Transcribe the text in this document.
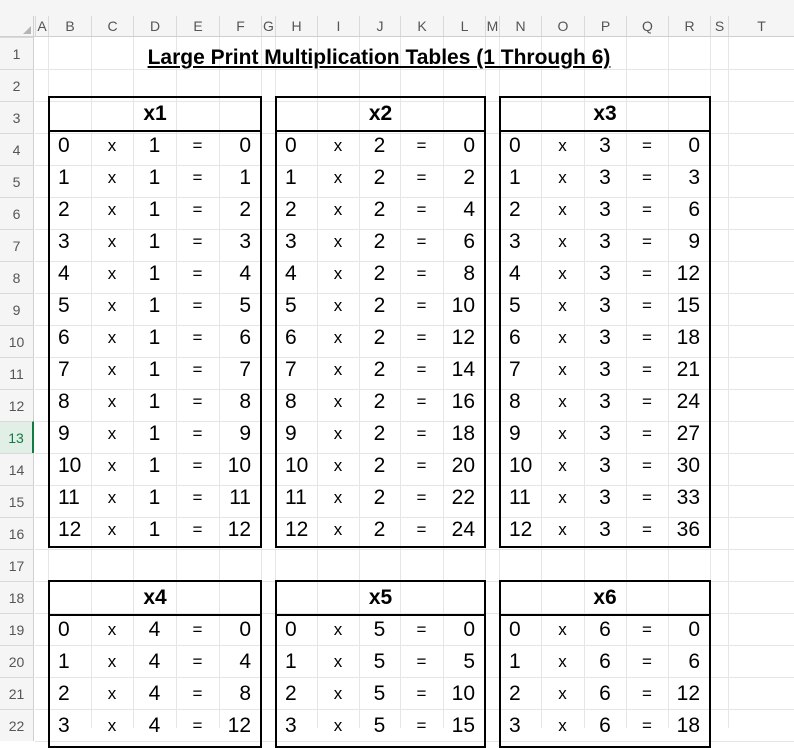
A	B	C	D	E	F	G	H	I	J	K	L	M	N	O	P	Q	R	S	T
1
2
3
4
5
6
7
8
9
10
11
12
13
14
15
16
17
18
19
20
21
22
Large Print Multiplication Tables (1 Through 6)
x1
0	x	1	=	0
1	x	1	=	1
2	x	1	=	2
3	x	1	=	3
4	x	1	=	4
5	x	1	=	5
6	x	1	=	6
7	x	1	=	7
8	x	1	=	8
9	x	1	=	9
10	x	1	=	10
11	x	1	=	11
12	x	1	=	12
x2
0	x	2	=	0
1	x	2	=	2
2	x	2	=	4
3	x	2	=	6
4	x	2	=	8
5	x	2	=	10
6	x	2	=	12
7	x	2	=	14
8	x	2	=	16
9	x	2	=	18
10	x	2	=	20
11	x	2	=	22
12	x	2	=	24
x3
0	x	3	=	0
1	x	3	=	3
2	x	3	=	6
3	x	3	=	9
4	x	3	=	12
5	x	3	=	15
6	x	3	=	18
7	x	3	=	21
8	x	3	=	24
9	x	3	=	27
10	x	3	=	30
11	x	3	=	33
12	x	3	=	36
x4
0	x	4	=	0
1	x	4	=	4
2	x	4	=	8
3	x	4	=	12
x5
0	x	5	=	0
1	x	5	=	5
2	x	5	=	10
3	x	5	=	15
x6
0	x	6	=	0
1	x	6	=	6
2	x	6	=	12
3	x	6	=	18
